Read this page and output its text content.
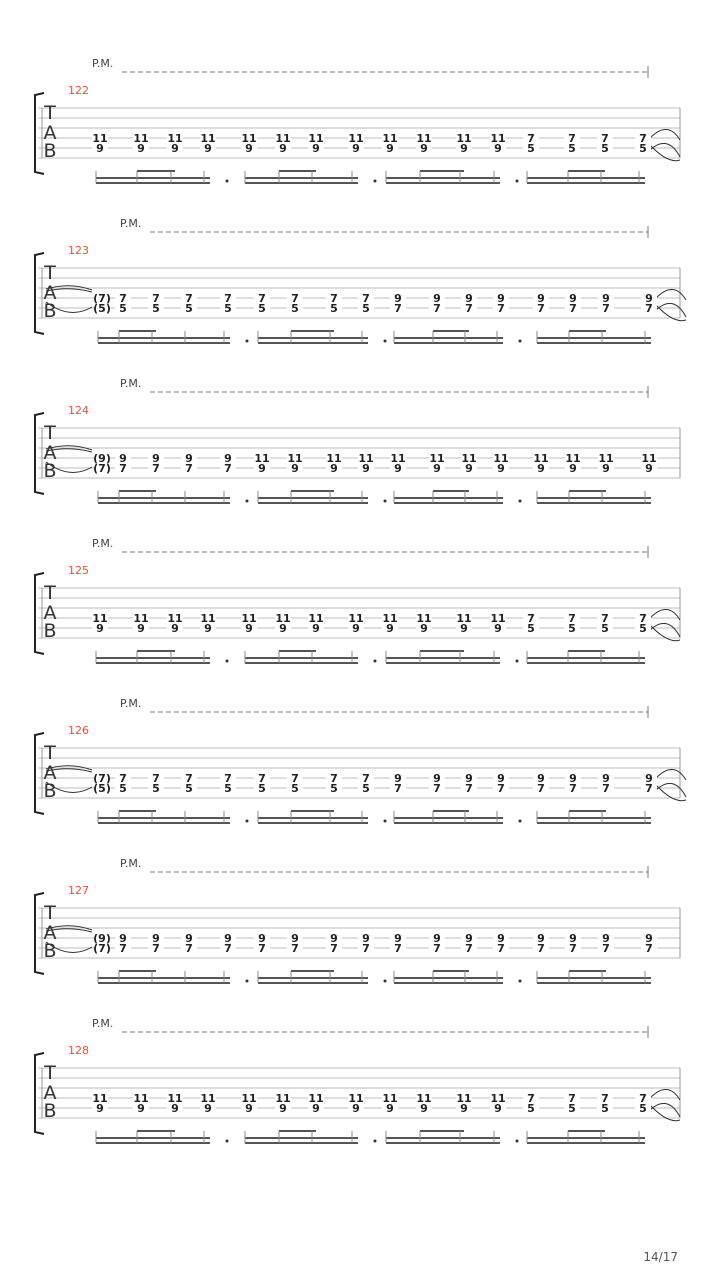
P.M.
122
T
A
B
11
9
11
9
11
9
11
9
11
9
11
9
11
9
11
9
11
9
11
9
11
9
11
9
7
5
7
5
7
5
7
5
P.M.
123
T
A
B
(7)
(5)
7
5
7
5
7
5
7
5
7
5
7
5
7
5
7
5
9
7
9
7
9
7
9
7
9
7
9
7
9
7
9
7
P.M.
124
T
A
B
(9)
(7)
9
7
9
7
9
7
9
7
11
9
11
9
11
9
11
9
11
9
11
9
11
9
11
9
11
9
11
9
11
9
11
9
P.M.
125
T
A
B
11
9
11
9
11
9
11
9
11
9
11
9
11
9
11
9
11
9
11
9
11
9
11
9
7
5
7
5
7
5
7
5
P.M.
126
T
A
B
(7)
(5)
7
5
7
5
7
5
7
5
7
5
7
5
7
5
7
5
9
7
9
7
9
7
9
7
9
7
9
7
9
7
9
7
P.M.
127
T
A
B
(9)
(7)
9
7
9
7
9
7
9
7
9
7
9
7
9
7
9
7
9
7
9
7
9
7
9
7
9
7
9
7
9
7
9
7
P.M.
128
T
A
B
11
9
11
9
11
9
11
9
11
9
11
9
11
9
11
9
11
9
11
9
11
9
11
9
7
5
7
5
7
5
7
5

14/17
